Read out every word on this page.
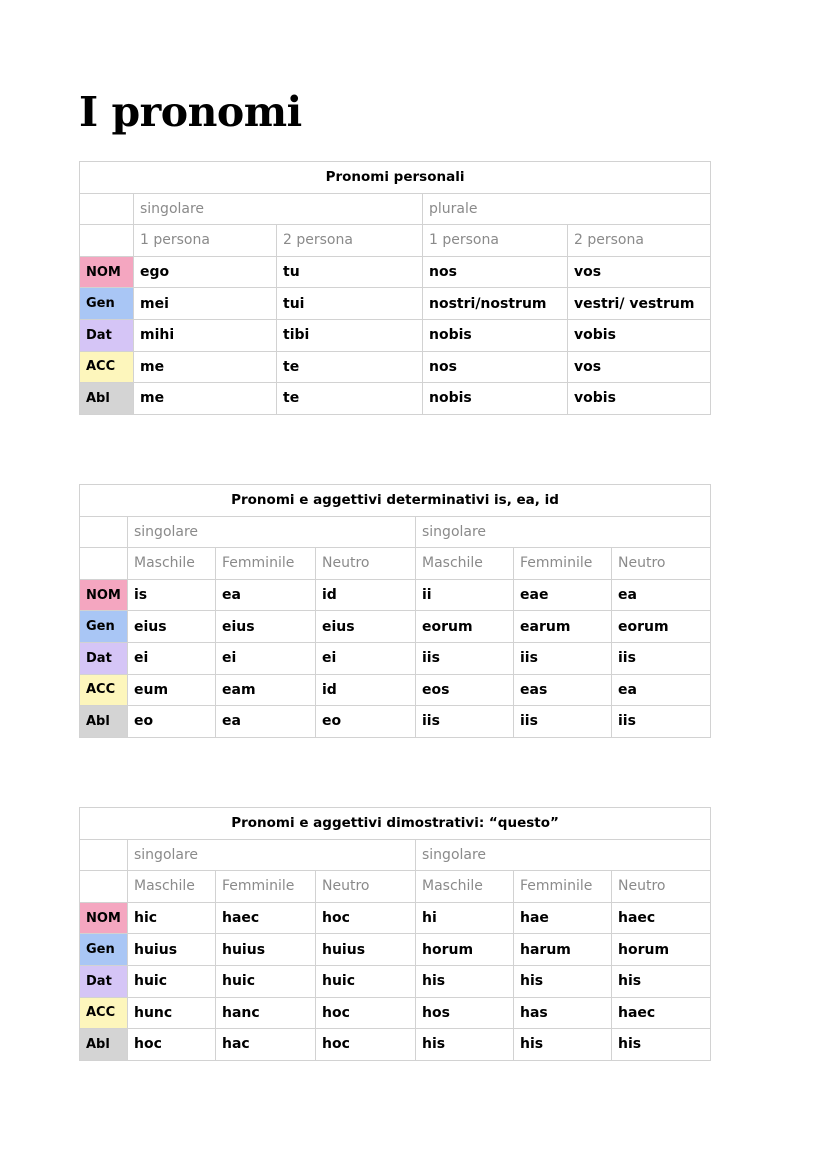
I pronomi
Pronomi personali				
	singolare		plurale	
	1 persona	2 persona	1 persona	2 persona
NOM	ego	tu	nos	vos
Gen	mei	tui	nostri/nostrum	vestri/ vestrum
Dat	mihi	tibi	nobis	vobis
ACC	me	te	nos	vos
Abl	me	te	nobis	vobis
Pronomi e aggettivi determinativi is, ea, id						
	singolare			singolare		
	Maschile	Femminile	Neutro	Maschile	Femminile	Neutro
NOM	is	ea	id	ii	eae	ea
Gen	eius	eius	eius	eorum	earum	eorum
Dat	ei	ei	ei	iis	iis	iis
ACC	eum	eam	id	eos	eas	ea
Abl	eo	ea	eo	iis	iis	iis
Pronomi e aggettivi dimostrativi: “questo”						
	singolare			singolare		
	Maschile	Femminile	Neutro	Maschile	Femminile	Neutro
NOM	hic	haec	hoc	hi	hae	haec
Gen	huius	huius	huius	horum	harum	horum
Dat	huic	huic	huic	his	his	his
ACC	hunc	hanc	hoc	hos	has	haec
Abl	hoc	hac	hoc	his	his	his
